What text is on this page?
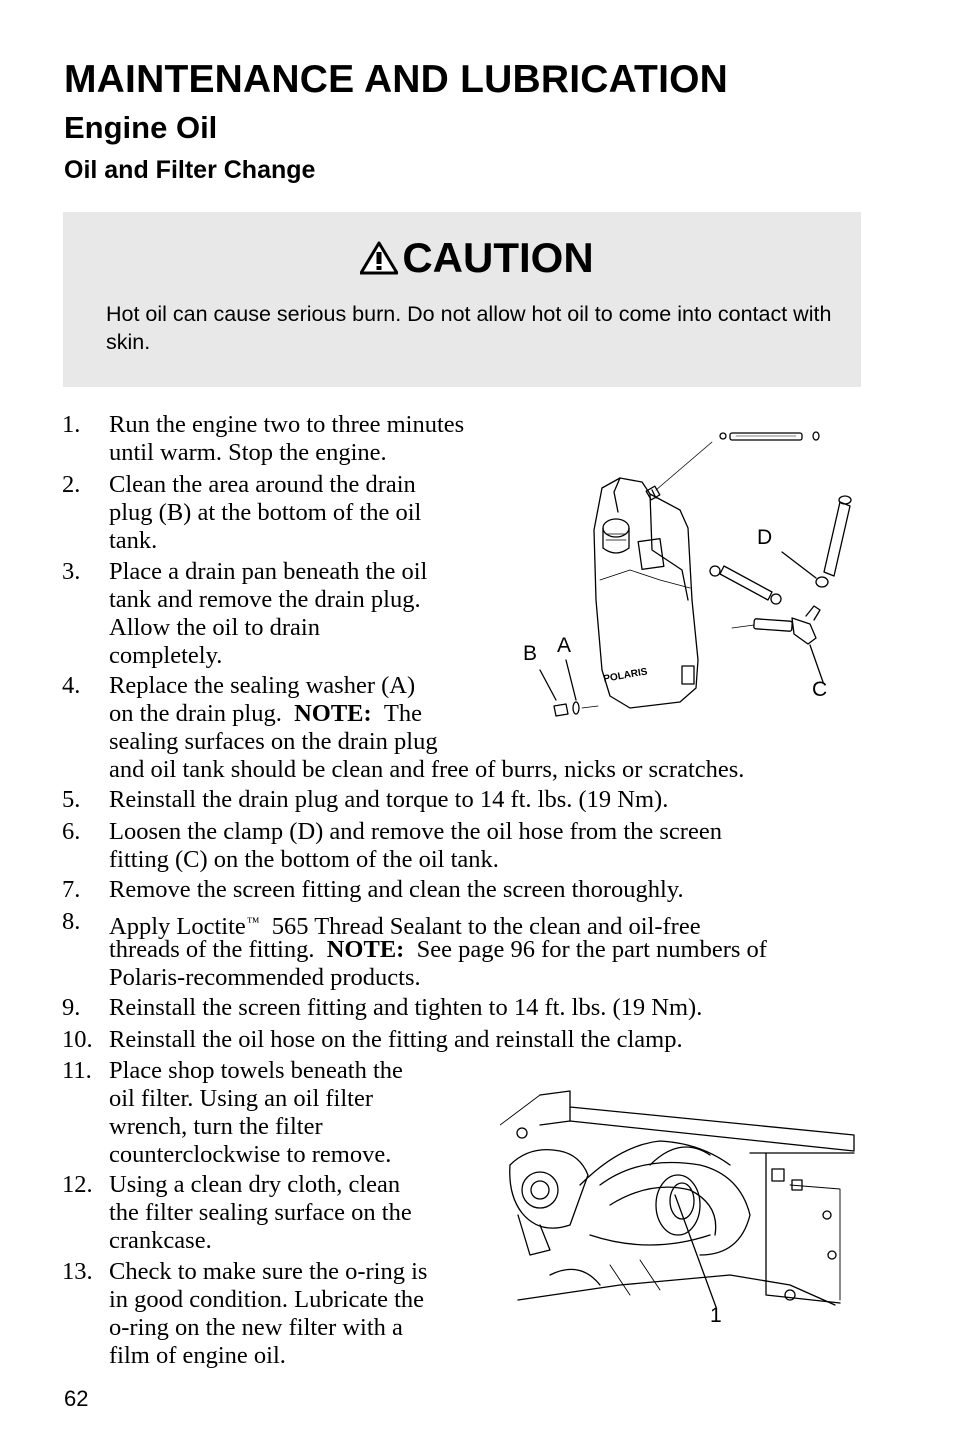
MAINTENANCE AND LUBRICATION
Engine Oil
Oil and Filter Change
CAUTION
Hot oil can cause serious burn. Do not allow hot oil to come into contact with skin.
1. Run the engine two to three minutes
until warm. Stop the engine.
2. Clean the area around the drain
plug (B) at the bottom of the oil
tank.
3. Place a drain pan beneath the oil
tank and remove the drain plug.
Allow the oil to drain
completely.
4. Replace the sealing washer (A)
on the drain plug. NOTE: The
sealing surfaces on the drain plug
and oil tank should be clean and free of burrs, nicks or scratches.
5. Reinstall the drain plug and torque to 14 ft. lbs. (19 Nm).
6. Loosen the clamp (D) and remove the oil hose from the screen
fitting (C) on the bottom of the oil tank.
7. Remove the screen fitting and clean the screen thoroughly.
8. Apply Loctite™ 565 Thread Sealant to the clean and oil-free
threads of the fitting. NOTE: See page 96 for the part numbers of
Polaris-recommended products.
9. Reinstall the screen fitting and tighten to 14 ft. lbs. (19 Nm).
10. Reinstall the oil hose on the fitting and reinstall the clamp.
11. Place shop towels beneath the
oil filter. Using an oil filter
wrench, turn the filter
counterclockwise to remove.
12. Using a clean dry cloth, clean
the filter sealing surface on the
crankcase.
13. Check to make sure the o-ring is
in good condition. Lubricate the
o-ring on the new filter with a
film of engine oil.
POLARIS
B A
C
D
1
62
